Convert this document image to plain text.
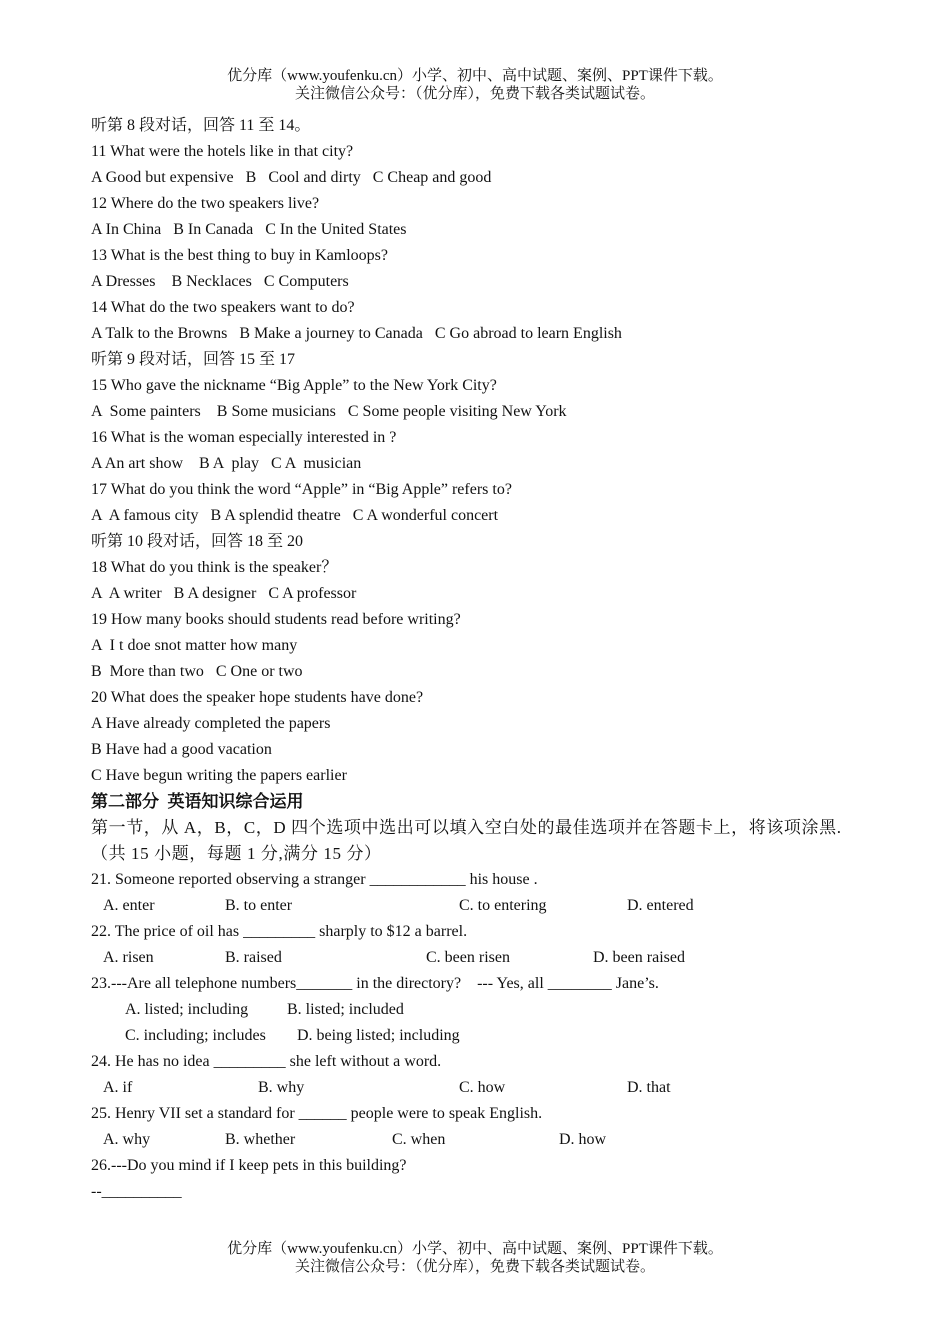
优分库（www.youfenku.cn）小学、初中、高中试题、案例、PPT课件下载。
关注微信公众号：（优分库），免费下载各类试题试卷。
听第 8 段对话，回答 11 至 14。
11 What were the hotels like in that city?
A Good but expensive   B   Cool and dirty   C Cheap and good
12 Where do the two speakers live?
A In China   B In Canada   C In the United States
13 What is the best thing to buy in Kamloops?
A Dresses    B Necklaces   C Computers
14 What do the two speakers want to do?
A Talk to the Browns   B Make a journey to Canada   C Go abroad to learn English
听第 9 段对话，回答 15 至 17
15 Who gave the nickname “Big Apple” to the New York City?
A  Some painters    B Some musicians   C Some people visiting New York
16 What is the woman especially interested in ?
A An art show    B A  play   C A  musician
17 What do you think the word “Apple” in “Big Apple” refers to?
A  A famous city   B A splendid theatre   C A wonderful concert
听第 10 段对话，回答 18 至 20
18 What do you think is the speaker？
A  A writer   B A designer   C A professor
19 How many books should students read before writing?
A  I t doe snot matter how many
B  More than two   C One or two
20 What does the speaker hope students have done?
A Have already completed the papers
B Have had a good vacation
C Have begun writing the papers earlier
第二部分  英语知识综合运用
第一节，从 A，B，C，D 四个选项中选出可以填入空白处的最佳选项并在答题卡上，将该项涂黑.
（共 15 小题，每题 1 分,满分 15 分）
21. Someone reported observing a stranger ____________ his house .
A. enter	B. to enter	C. to entering	D. entered
22. The price of oil has _________ sharply to $12 a barrel.
A. risen	B. raised	C. been risen	D. been raised
23.---Are all telephone numbers_______ in the directory?    --- Yes, all ________ Jane’s.
A. listed; including B. listed; included
C. including; includes D. being listed; including
24. He has no idea _________ she left without a word.
A. if	B. why	C. how	D. that
25. Henry VII set a standard for ______ people were to speak English.
A. why	B. whether	C. when	D. how
26.---Do you mind if I keep pets in this building?
--__________
优分库（www.youfenku.cn）小学、初中、高中试题、案例、PPT课件下载。
关注微信公众号：（优分库），免费下载各类试题试卷。
